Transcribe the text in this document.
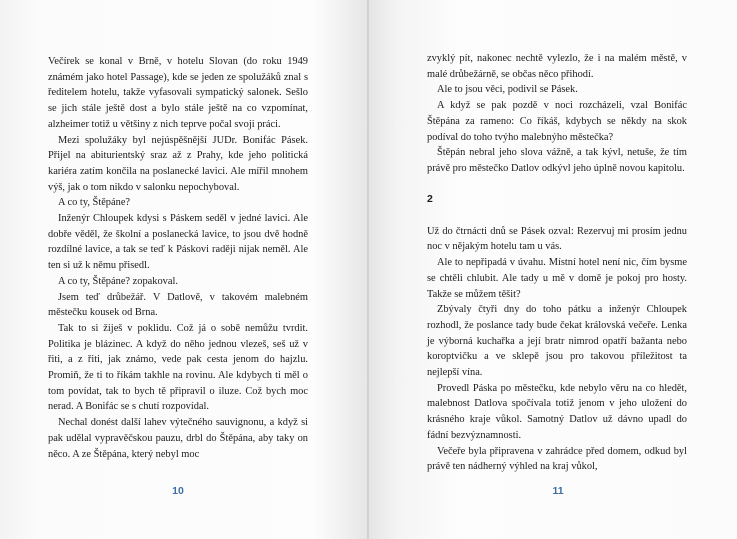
Večírek se konal v Brně, v hotelu Slovan (do roku 1949 známém jako hotel Passage), kde se jeden ze spolužáků znal s ředitelem hotelu, takže vyfasovali sympatický salonek. Sešlo se jich stále ještě dost a bylo stále ještě na co vzpomínat, alzheimer totiž u většiny z nich teprve počal svoji práci.

Mezi spolužáky byl nejúspěšnější JUDr. Bonifác Pásek. Přijel na abiturientský sraz až z Prahy, kde jeho politická kariéra zatím končila na poslanecké lavici. Ale mířil mnohem výš, jak o tom nikdo v salonku nepochyboval.

A co ty, Štěpáne?

Inženýr Chloupek kdysi s Páskem seděl v jedné lavici. Ale dobře věděl, že školní a poslanecká lavice, to jsou dvě hodně rozdílné lavice, a tak se teď k Páskovi raději nijak neměl. Ale ten si už k němu přisedl.

A co ty, Štěpáne? zopakoval.

Jsem teď drůbežář. V Datlově, v takovém malebném městečku kousek od Brna.

Tak to si žiješ v poklidu. Což já o sobě nemůžu tvrdit. Politika je blázinec. A když do něho jednou vlezeš, seš už v řiti, a z řiti, jak známo, vede pak cesta jenom do hajzlu. Promiň, že ti to říkám takhle na rovinu. Ale kdybych ti měl o tom povídat, tak to bych tě připravil o iluze. Což bych moc nerad. A Bonifác se s chutí rozpovídal.

Nechal donést další lahev výtečného sauvignonu, a když si pak udělal vypravěčskou pauzu, drbl do Štěpána, aby taky on něco. A ze Štěpána, který nebyl moc

10

zvyklý pít, nakonec nechtě vylezlo, že i na malém městě, v malé drůbežárně, se občas něco přihodí.

Ale to jsou věci, podivil se Pásek.

A když se pak pozdě v noci rozcházeli, vzal Bonifác Štěpána za rameno: Co říkáš, kdybych se někdy na skok podíval do toho tvýho malebnýho městečka?

Štěpán nebral jeho slova vážně, a tak kývl, netuše, že tím právě pro městečko Datlov odkývl jeho úplně novou kapitolu.

2

Už do čtrnácti dnů se Pásek ozval: Rezervuj mi prosím jednu noc v nějakým hotelu tam u vás.

Ale to nepřipadá v úvahu. Místní hotel není nic, čím bysme se chtěli chlubit. Ale tady u mě v domě je pokoj pro hosty. Takže se můžem těšit?

Zbývaly čtyři dny do toho pátku a inženýr Chloupek rozhodl, že poslance tady bude čekat královská večeře. Lenka je výborná kuchařka a její bratr nimrod opatří bažanta nebo koroptvičku a ve sklepě jsou pro takovou příležitost ta nejlepší vína.

Provedl Páska po městečku, kde nebylo věru na co hledět, malebnost Datlova spočívala totiž jenom v jeho uložení do krásného kraje vůkol. Samotný Datlov už dávno upadl do fádní bezvýznamnosti.

Večeře byla připravena v zahrádce před domem, odkud byl právě ten nádherný výhled na kraj vůkol,

11
